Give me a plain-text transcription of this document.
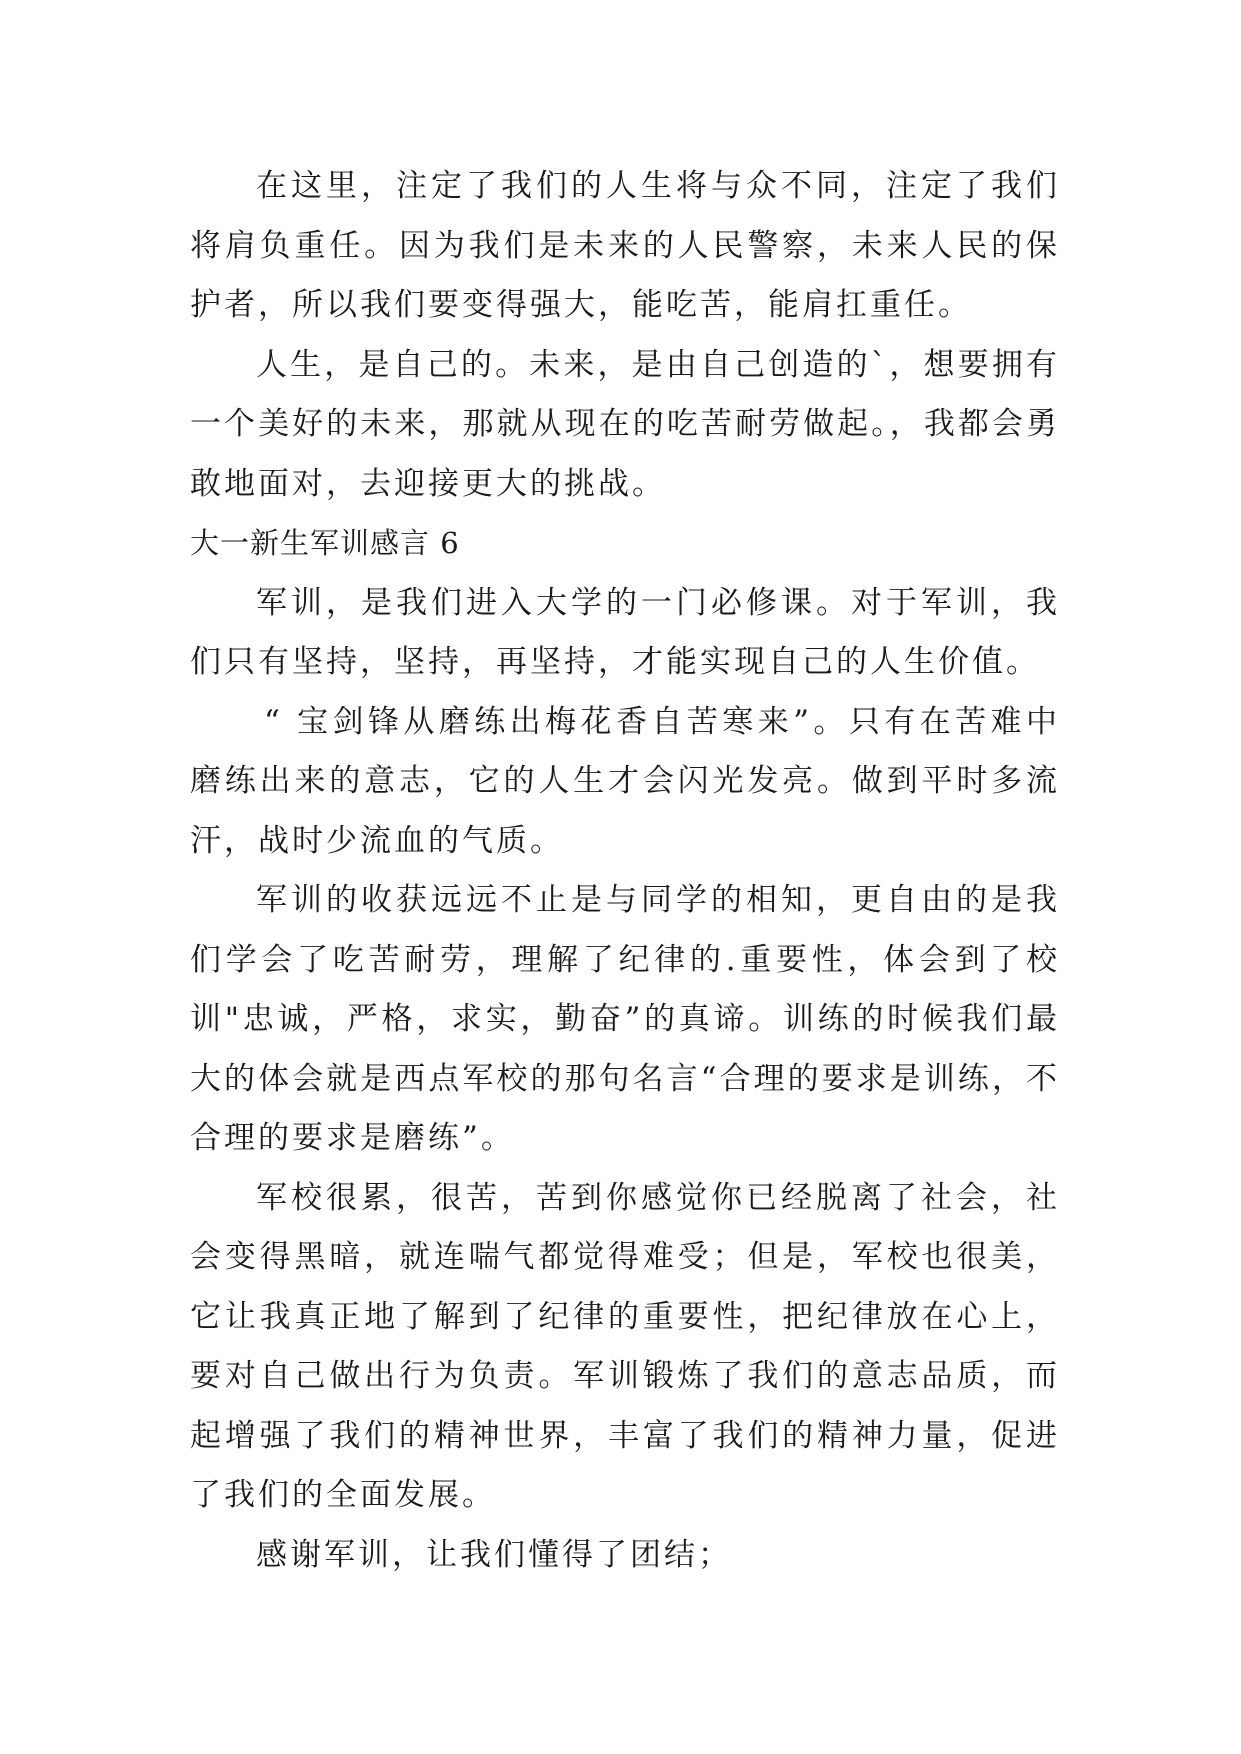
在这里，注定了我们的人生将与众不同，注定了我们将肩负重任。因为我们是未来的人民警察，未来人民的保护者，所以我们要变得强大，能吃苦，能肩扛重任。

人生，是自己的。未来，是由自己创造的`，想要拥有一个美好的未来，那就从现在的吃苦耐劳做起。，我都会勇敢地面对，去迎接更大的挑战。

大一新生军训感言 6

军训，是我们进入大学的一门必修课。对于军训，我们只有坚持，坚持，再坚持，才能实现自己的人生价值。

“ 宝剑锋从磨练出梅花香自苦寒来”。只有在苦难中磨练出来的意志，它的人生才会闪光发亮。做到平时多流汗，战时少流血的气质。

军训的收获远远不止是与同学的相知，更自由的是我们学会了吃苦耐劳，理解了纪律的.重要性，体会到了校训"忠诚，严格，求实，勤奋”的真谛。训练的时候我们最大的体会就是西点军校的那句名言“合理的要求是训练，不合理的要求是磨练”。

军校很累，很苦，苦到你感觉你已经脱离了社会，社会变得黑暗，就连喘气都觉得难受；但是，军校也很美，它让我真正地了解到了纪律的重要性，把纪律放在心上，要对自己做出行为负责。军训锻炼了我们的意志品质，而起增强了我们的精神世界，丰富了我们的精神力量，促进了我们的全面发展。

感谢军训，让我们懂得了团结；
